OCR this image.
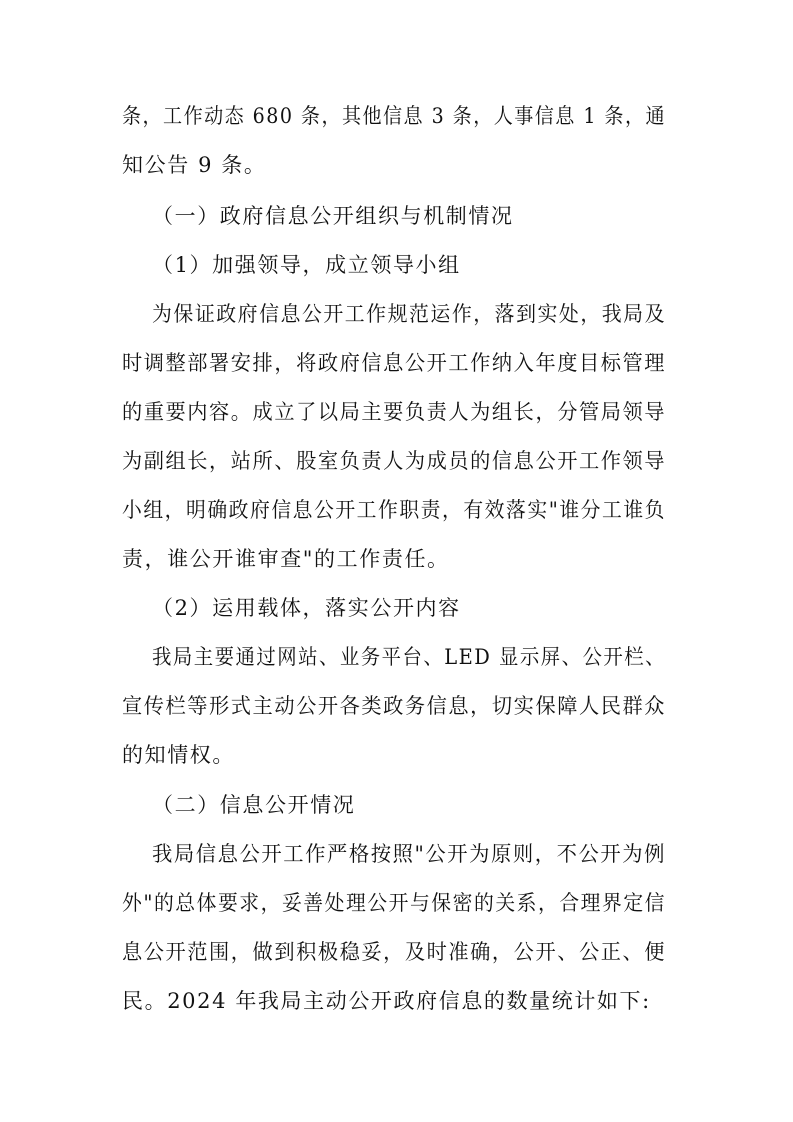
条，工作动态 680 条，其他信息 3 条，人事信息 1 条，通
知公告 9 条。
（一）政府信息公开组织与机制情况
（1）加强领导，成立领导小组
为保证政府信息公开工作规范运作，落到实处，我局及
时调整部署安排，将政府信息公开工作纳入年度目标管理
的重要内容。成立了以局主要负责人为组长，分管局领导
为副组长，站所、股室负责人为成员的信息公开工作领导
小组，明确政府信息公开工作职责，有效落实"谁分工谁负
责，谁公开谁审查"的工作责任。
（2）运用载体，落实公开内容
我局主要通过网站、业务平台、LED 显示屏、公开栏、
宣传栏等形式主动公开各类政务信息，切实保障人民群众
的知情权。
（二）信息公开情况
我局信息公开工作严格按照"公开为原则，不公开为例
外"的总体要求，妥善处理公开与保密的关系，合理界定信
息公开范围，做到积极稳妥，及时准确，公开、公正、便
民。2024 年我局主动公开政府信息的数量统计如下:
